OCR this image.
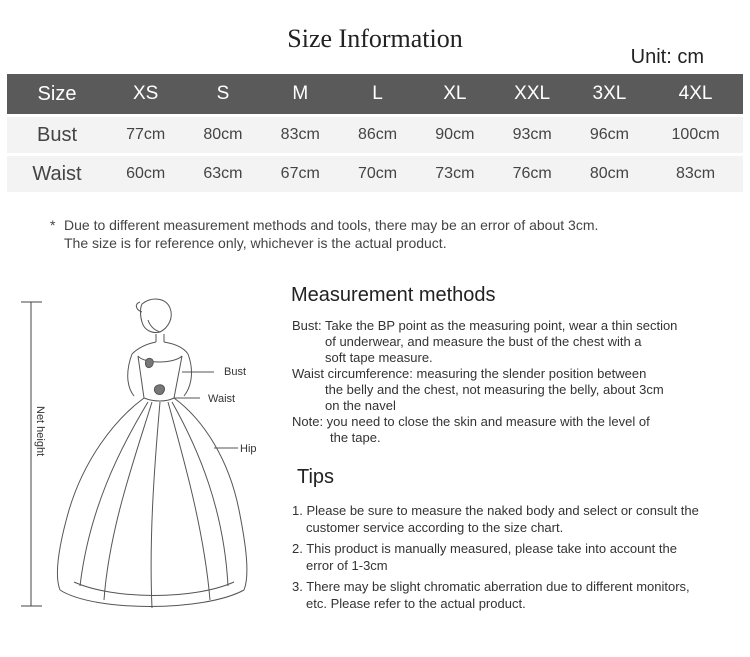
Size Information
Unit: cm
Size	XS	S	M	L	XL	XXL	3XL	4XL

Bust	77cm	80cm	83cm	86cm	90cm	93cm	96cm	100cm

Waist	60cm	63cm	67cm	70cm	73cm	76cm	80cm	83cm
* Due to different measurement methods and tools, there may be an error of about 3cm.
The size is for reference only, whichever is the actual product.
Net height
Bust
Waist
Hip
Measurement methods

Bust: Take the BP point as the measuring point, wear a thin section

of underwear, and measure the bust of the chest with a

soft tape measure.

Waist circumference: measuring the slender position between

the belly and the chest, not measuring the belly, about 3cm

on the navel

Note: you need to close the skin and measure with the level of

the tape.

Tips

1. Please be sure to measure the naked body and select or consult the
customer service according to the size chart.

2. This product is manually measured, please take into account the
error of 1-3cm

3. There may be slight chromatic aberration due to different monitors,
etc. Please refer to the actual product.
